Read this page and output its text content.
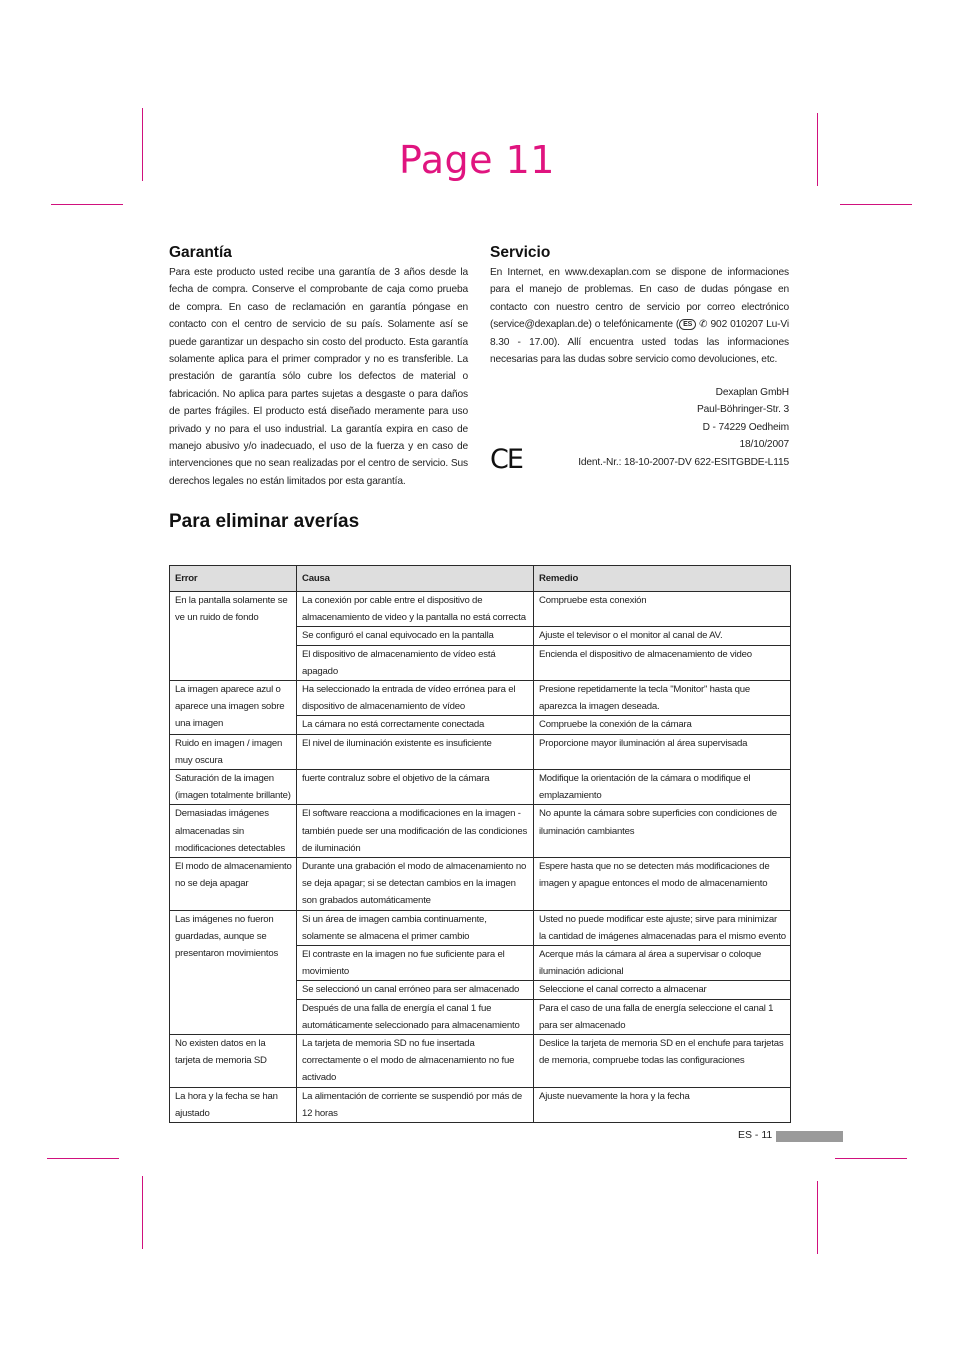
Page 11
Garantía
Para este producto usted recibe una garantía de 3 años desde la fecha de compra. Conserve el comprobante de caja como prueba de compra. En caso de reclamación en garantía póngase en contacto con el centro de servicio de su país. Solamente así se puede garantizar un despacho sin costo del producto. Esta garantía solamente aplica para el primer comprador y no es transferible. La prestación de garantía sólo cubre los defectos de material o fabricación. No aplica para partes sujetas a desgaste o para daños de partes frágiles. El producto está diseñado meramente para uso privado y no para el uso industrial. La garantía expira en caso de manejo abusivo y/o inadecuado, el uso de la fuerza y en caso de intervenciones que no sean realizadas por el centro de servicio. Sus derechos legales no están limitados por esta garantía.
Servicio
En Internet, en www.dexaplan.com se dispone de informaciones para el manejo de problemas. En caso de dudas póngase en contacto con nuestro centro de servicio por correo electrónico (service@dexaplan.de) o telefónicamente ( ES ✆ 902 010207 Lu-Vi 8.30 - 17.00). Allí encuentra usted todas las informaciones necesarias para las dudas sobre servicio como devoluciones, etc.
Dexaplan GmbH
Paul-Böhringer-Str. 3
D - 74229 Oedheim
18/10/2007
Ident.-Nr.: 18-10-2007-DV 622-ESITGBDE-L115
CE
Para eliminar averías
Error	Causa	Remedio
En la pantalla solamente se ve un ruido de fondo	La conexión por cable entre el dispositivo de almacenamiento de video y la pantalla no está correcta	Compruebe esta conexión
	Se configuró el canal equivocado en la pantalla	Ajuste el televisor o el monitor al canal de AV.
	El dispositivo de almacenamiento de vídeo está apagado	Encienda el dispositivo de almacenamiento de video
La imagen aparece azul o aparece una imagen sobre una imagen	Ha seleccionado la entrada de vídeo errónea para el dispositivo de almacenamiento de vídeo	Presione repetidamente la tecla "Monitor" hasta que aparezca la imagen deseada.
	La cámara no está correctamente conectada	Compruebe la conexión de la cámara
Ruido en imagen / imagen muy oscura	El nivel de iluminación existente es insuficiente	Proporcione mayor iluminación al área supervisada
Saturación de la imagen (imagen totalmente brillante)	fuerte contraluz sobre el objetivo de la cámara	Modifique la orientación de la cámara o modifique el emplazamiento
Demasiadas imágenes almacenadas sin modificaciones detectables	El software reacciona a modificaciones en la imagen - también puede ser una modificación de las condiciones de iluminación	No apunte la cámara sobre superficies con condiciones de iluminación cambiantes
El modo de almacenamiento no se deja apagar	Durante una grabación el modo de almacenamiento no se deja apagar; si se detectan cambios en la imagen son grabados automáticamente	Espere hasta que no se detecten más modificaciones de imagen y apague entonces el modo de almacenamiento
Las imágenes no fueron guardadas, aunque se presentaron movimientos	Si un área de imagen cambia continuamente, solamente se almacena el primer cambio	Usted no puede modificar este ajuste; sirve para minimizar la cantidad de imágenes almacenadas para el mismo evento
	El contraste en la imagen no fue suficiente para el movimiento	Acerque más la cámara al área a supervisar o coloque iluminación adicional
	Se seleccionó un canal erróneo para ser almacenado	Seleccione el canal correcto a almacenar
	Después de una falla de energía el canal 1 fue automáticamente seleccionado para almacenamiento	Para el caso de una falla de energía seleccione el canal 1 para ser almacenado
No existen datos en la tarjeta de memoria SD	La tarjeta de memoria SD no fue insertada correctamente o el modo de almacenamiento no fue activado	Deslice la tarjeta de memoria SD en el enchufe para tarjetas de memoria, compruebe todas las configuraciones
La hora y la fecha se han ajustado	La alimentación de corriente se suspendió por más de 12 horas	Ajuste nuevamente la hora y la fecha
ES - 11
